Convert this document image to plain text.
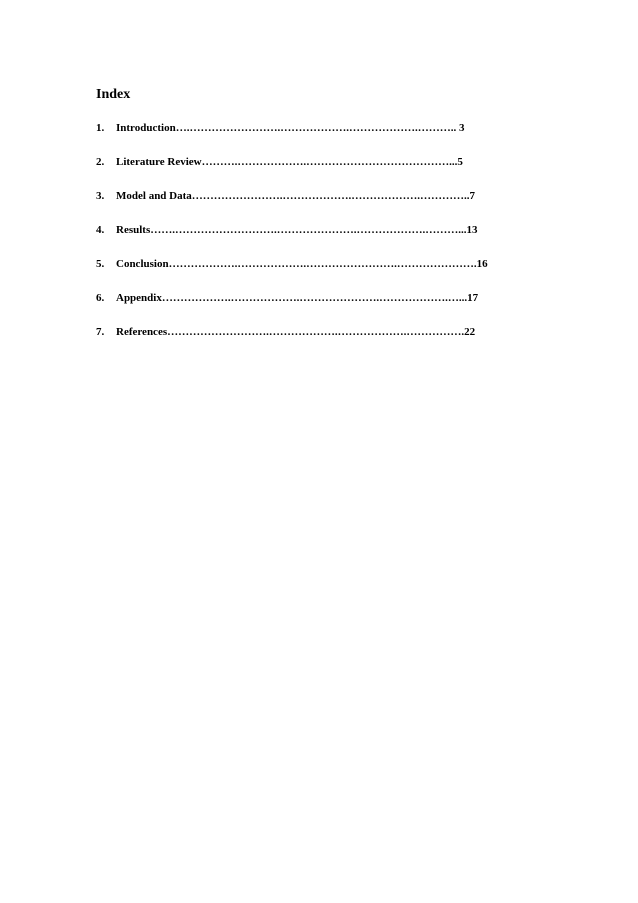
Index
1. Introduction….…………………….……………….……………….……….. 3
2. Literature Review……….……………….…………………………………...5
3. Model and Data…………………….……………….……………….…………..7
4. Results…….……………………….………………….……………….………...13
5. Conclusion……………….……………….…………………….………………….16
6. Appendix……………….……………….………………….……………….…...17
7. References……………………….……………….……………….…………….22
